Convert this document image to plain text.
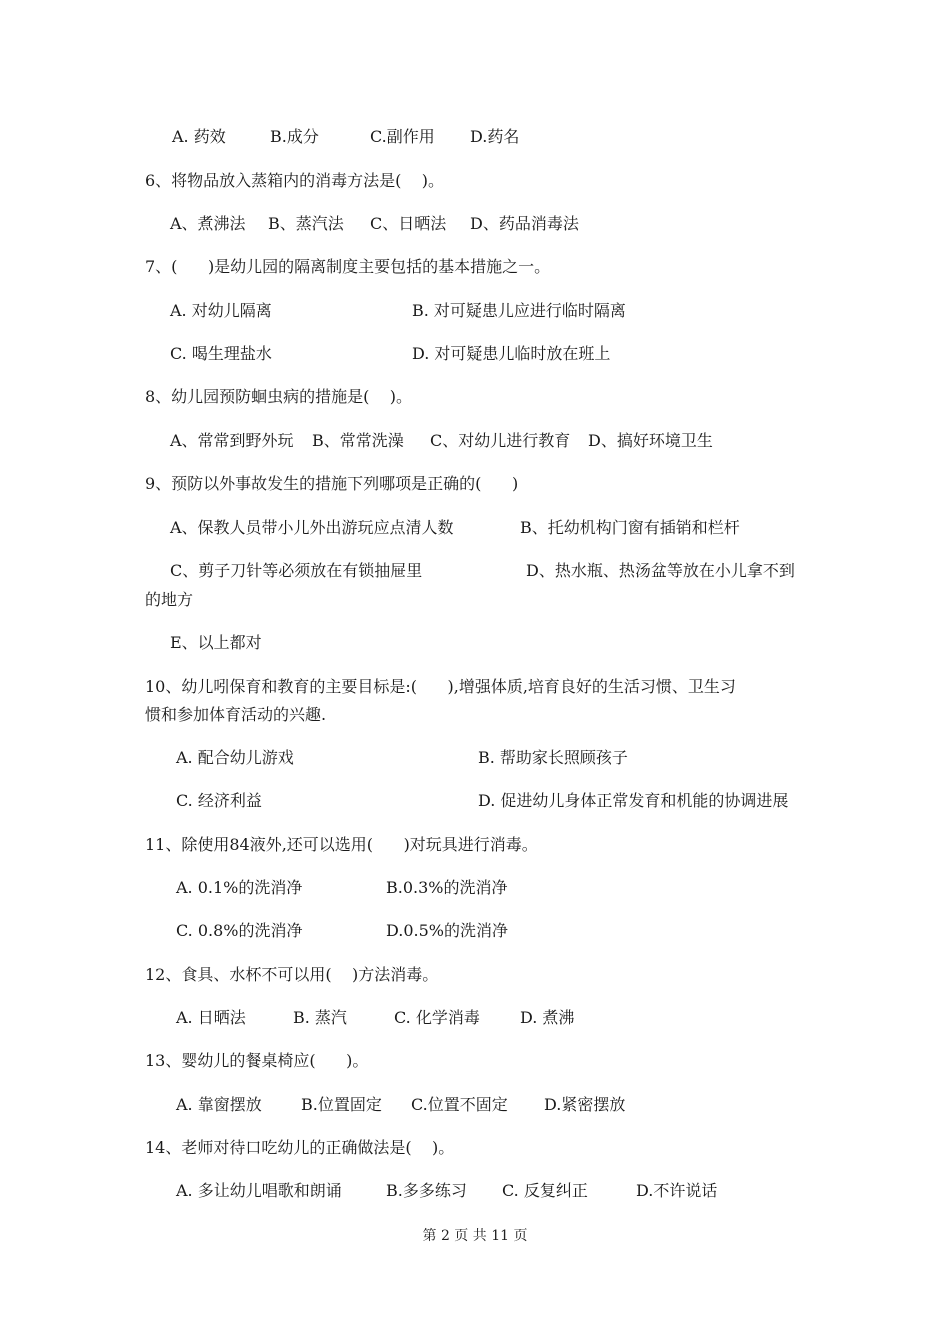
A. 药效	B.成分	C.副作用 D.药名
6、将物品放入蒸箱内的消毒方法是(    )。
A、煮沸法 B、蒸汽法 C、日晒法 D、药品消毒法
7、(      )是幼儿园的隔离制度主要包括的基本措施之一。
A. 对幼儿隔离	B. 对可疑患儿应进行临时隔离
C. 喝生理盐水	D. 对可疑患儿临时放在班上
8、幼儿园预防蛔虫病的措施是(    )。
A、常常到野外玩 B、常常洗澡 C、对幼儿进行教育 D、搞好环境卫生
9、预防以外事故发生的措施下列哪项是正确的(      )
A、保教人员带小儿外出游玩应点清人数	B、托幼机构门窗有插销和栏杆
C、剪子刀针等必须放在有锁抽屉里	D、热水瓶、热汤盆等放在小儿拿不到
的地方
E、以上都对
10、幼儿吲保育和教育的主要目标是:(      ),增强体质,培育良好的生活习惯、卫生习
惯和参加体育活动的兴趣.
A. 配合幼儿游戏	B. 帮助家长照顾孩子
C. 经济利益	D. 促进幼儿身体正常发育和机能的协调进展
11、除使用84液外,还可以选用(      )对玩具进行消毒。
A. 0.1%的洗消净	B.0.3%的洗消净
C. 0.8%的洗消净	D.0.5%的洗消净
12、食具、水杯不可以用(    )方法消毒。
A. 日晒法	B. 蒸汽	C. 化学消毒	D. 煮沸
13、婴幼儿的餐桌椅应(      )。
A. 靠窗摆放 B.位置固定 C.位置不固定 D.紧密摆放
14、老师对待口吃幼儿的正确做法是(    )。
A. 多让幼儿唱歌和朗诵	B.多多练习 C. 反复纠正	D.不许说话
第 2 页 共 11 页
